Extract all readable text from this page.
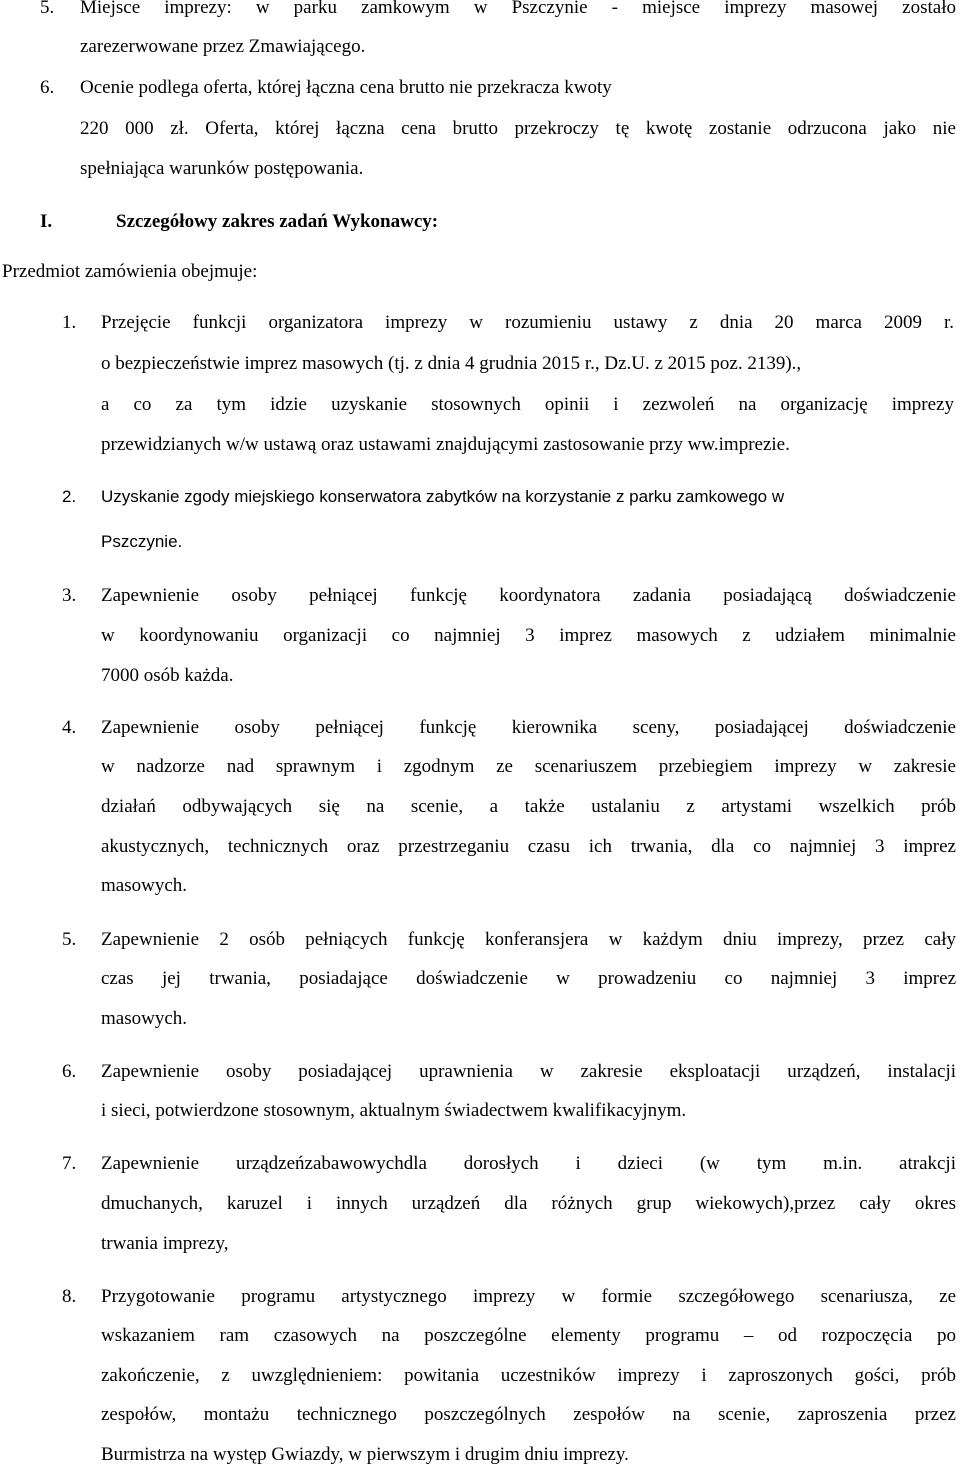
5. Miejsce imprezy: w parku zamkowym w Pszczynie - miejsce imprezy masowej zostało
zarezerwowane przez Zmawiającego.
6. Ocenie podlega oferta, której łączna cena brutto nie przekracza kwoty
220 000 zł. Oferta, której łączna cena brutto przekroczy tę kwotę zostanie odrzucona jako nie
spełniająca warunków postępowania.
I.	Szczegółowy zakres zadań Wykonawcy:
Przedmiot zamówienia obejmuje:
1. Przejęcie funkcji organizatora imprezy w rozumieniu ustawy z dnia 20 marca 2009 r.
o bezpieczeństwie imprez masowych (tj. z dnia 4 grudnia 2015 r., Dz.U. z 2015 poz. 2139).,
a co za tym idzie uzyskanie stosownych opinii i zezwoleń na organizację imprezy
przewidzianych w/w ustawą oraz ustawami znajdującymi zastosowanie przy ww.imprezie.
2. Uzyskanie zgody miejskiego konserwatora zabytków na korzystanie z parku zamkowego w
Pszczynie.
3. Zapewnienie osoby pełniącej funkcję koordynatora zadania posiadającą doświadczenie
w koordynowaniu organizacji co najmniej 3 imprez masowych z udziałem minimalnie
7000 osób każda.
4. Zapewnienie osoby pełniącej funkcję kierownika sceny, posiadającej doświadczenie
w nadzorze nad sprawnym i zgodnym ze scenariuszem przebiegiem imprezy w zakresie
działań odbywających się na scenie, a także ustalaniu z artystami wszelkich prób
akustycznych, technicznych oraz przestrzeganiu czasu ich trwania, dla co najmniej 3 imprez
masowych.
5. Zapewnienie 2 osób pełniących funkcję konferansjera w każdym dniu imprezy, przez cały
czas jej trwania, posiadające doświadczenie w prowadzeniu co najmniej 3 imprez
masowych.
6. Zapewnienie osoby posiadającej uprawnienia w zakresie eksploatacji urządzeń, instalacji
i sieci, potwierdzone stosownym, aktualnym świadectwem kwalifikacyjnym.
7. Zapewnienie urządzeńzabawowychdla dorosłych i dzieci (w tym m.in. atrakcji
dmuchanych, karuzel i innych urządzeń dla różnych grup wiekowych),przez cały okres
trwania imprezy,
8. Przygotowanie programu artystycznego imprezy w formie szczegółowego scenariusza, ze
wskazaniem ram czasowych na poszczególne elementy programu – od rozpoczęcia po
zakończenie, z uwzględnieniem: powitania uczestników imprezy i zaproszonych gości, prób
zespołów, montażu technicznego poszczególnych zespołów na scenie, zaproszenia przez
Burmistrza na występ Gwiazdy, w pierwszym i drugim dniu imprezy.
